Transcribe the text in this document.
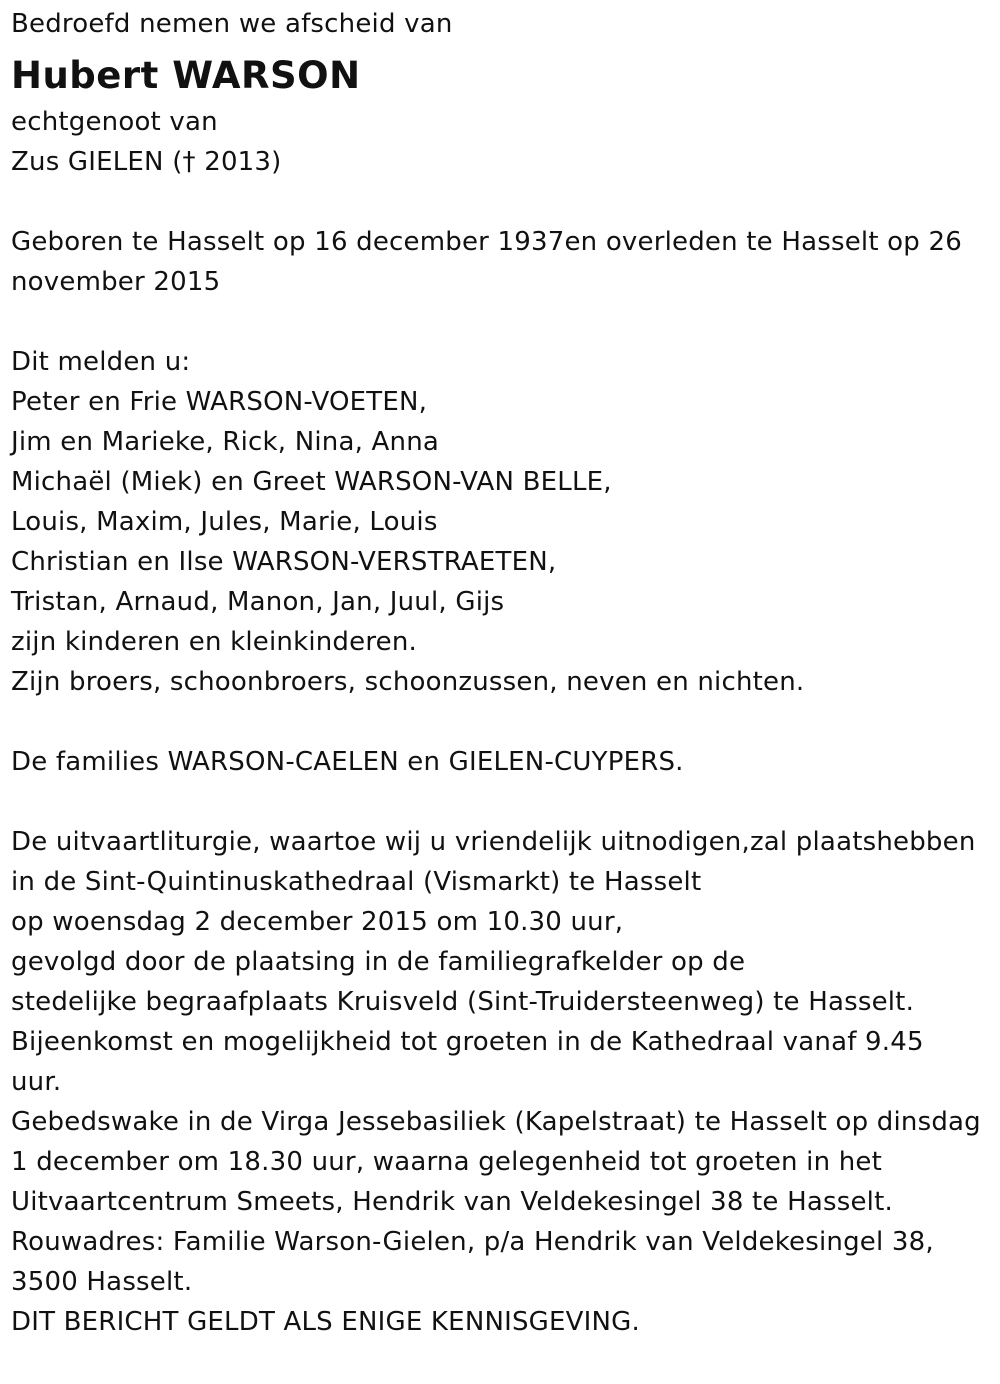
Bedroefd nemen we afscheid van
Hubert WARSON
echtgenoot van
Zus GIELEN († 2013)
Geboren te Hasselt op 16 december 1937en overleden te Hasselt op 26 november 2015
Dit melden u:
Peter en Frie WARSON-VOETEN,
Jim en Marieke, Rick, Nina, Anna
Michaël (Miek) en Greet WARSON-VAN BELLE,
Louis, Maxim, Jules, Marie, Louis
Christian en Ilse WARSON-VERSTRAETEN,
Tristan, Arnaud, Manon, Jan, Juul, Gijs
zijn kinderen en kleinkinderen.
Zijn broers, schoonbroers, schoonzussen, neven en nichten.
De families WARSON-CAELEN en GIELEN-CUYPERS.
De uitvaartliturgie, waartoe wij u vriendelijk uitnodigen,zal plaatshebben
in de Sint-Quintinuskathedraal (Vismarkt) te Hasselt
op woensdag 2 december 2015 om 10.30 uur,
gevolgd door de plaatsing in de familiegrafkelder op de
stedelijke begraafplaats Kruisveld (Sint-Truidersteenweg) te Hasselt.
Bijeenkomst en mogelijkheid tot groeten in de Kathedraal vanaf 9.45 uur.
Gebedswake in de Virga Jessebasiliek (Kapelstraat) te Hasselt op dinsdag 1 december om 18.30 uur, waarna gelegenheid tot groeten in het Uitvaartcentrum Smeets, Hendrik van Veldekesingel 38 te Hasselt.
Rouwadres: Familie Warson-Gielen, p/a Hendrik van Veldekesingel 38, 3500 Hasselt.
DIT BERICHT GELDT ALS ENIGE KENNISGEVING.
